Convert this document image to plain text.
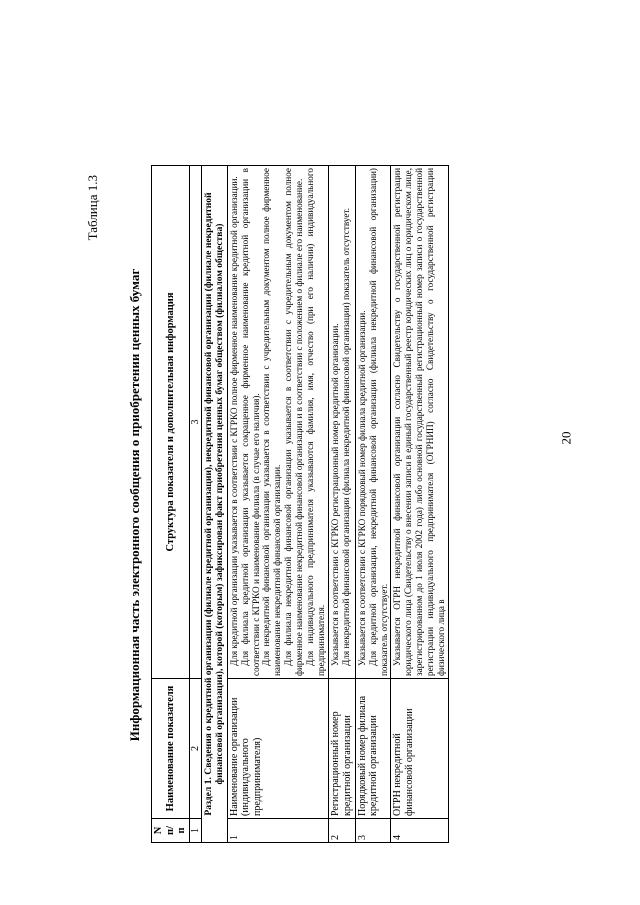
20
Таблица 1.3
Информационная часть электронного сообщения о приобретении ценных бумаг
N п/ п	Наименование показателя	Структура показателя и дополнительная информация
1	2	3
Раздел 1. Сведения о кредитной организации (филиале кредитной организации), некредитной финансовой организации (филиале некредитной финансовой организации), которой (которым) зафиксирован факт приобретения ценных бумаг обществом (филиалом общества)		
1	Наименование организации (индивидуального предпринимателя)	Для кредитной организации указывается в соответствии с КГРКО полное фирменное наименование кредитной организации. Для филиала кредитной организации указывается сокращенное фирменное наименование кредитной организации в соответствии с КГРКО и наименование филиала (в случае его наличия). Для некредитной финансовой организации указывается в соответствии с учредительным документом полное фирменное наименование некредитной финансовой организации. Для филиала некредитной финансовой организации указывается в соответствии с учредительным документом полное фирменное наименование некредитной финансовой организации и в соответствии с положением о филиале его наименование. Для индивидуального предпринимателя указываются фамилия, имя, отчество (при его наличии) индивидуального предпринимателя.

2	Регистрационный номер кредитной организации	Указывается в соответствии с КГРКО регистрационный номер кредитной организации. Для некредитной финансовой организации (филиала некредитной финансовой организации) показатель отсутствует.

3	Порядковый номер филиала кредитной организации	Указывается в соответствии с КГРКО порядковый номер филиала кредитной организации. Для кредитной организации, некредитной финансовой организации (филиала некредитной финансовой организации) показатель отсутствует.

4	ОГРН некредитной финансовой организации	Указывается ОГРН некредитной финансовой организации согласно Свидетельству о государственной регистрации юридического лица (Свидетельству о внесении записи в единый государственный реестр юридических лиц о юридическом лице, зарегистрированном до 1 июля 2002 года) либо основной государственный регистрационный номер записи о государственной регистрации индивидуального предпринимателя (ОГРНИП) согласно Свидетельству о государственной регистрации физического лица в
